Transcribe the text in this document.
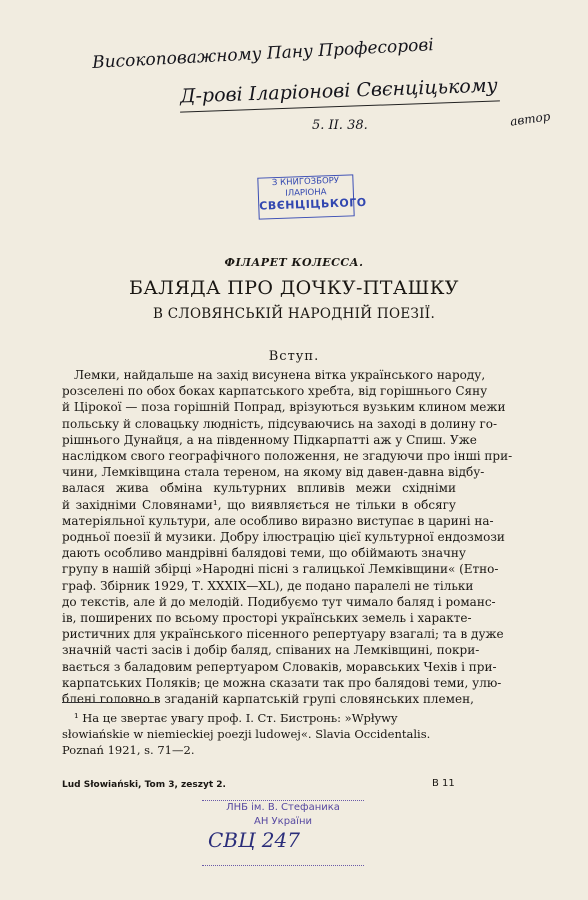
Високоповажному Пану Професорові
Д-рові Іларіонові Свєнціцькому
5. II. 38.	автор
З КНИГОЗБОРУ
ІЛАРІОНА
СВЄНЦІЦЬКОГО
ФІЛАРЕТ КОЛЕССА.
БАЛЯДА ПРО ДОЧКУ-ПТАШКУ
В СЛОВЯНСЬКІЙ НАРОДНІЙ ПОЕЗІЇ.
Вступ.
Лемки, найдальше на захід висунена вітка українського народу,
розселені по обох боках карпатського хребта, від горішнього Сяну
й Цірокої — поза горішній Попрад, врізуються вузьким клином межи
польську й словацьку людність, підсуваючись на заході в долину го-
рішнього Дунайця, а на південному Підкарпатті аж у Спиш. Уже
наслідком свого географічного положення, не згадуючи про інші при-
чини, Лемківщина стала тереном, на якому від давен-давна відбу-
валася жива обміна культурних впливів межи східніми
й західніми Словянами¹, що виявляється не тільки в обсягу
матеріяльної культури, але особливо виразно виступає в царині на-
родньої поезії й музики. Добру ілюстрацію цієї культурної ендозмози
дають особливо мандрівні балядові теми, що обіймають значну
групу в нашій збірці »Народні пісні з галицької Лемківщини« (Етно-
граф. Збірник 1929, Т. XXXIX—XL), де подано паралелі не тільки
до текстів, але й до мелодій. Подибуємо тут чимало баляд і романс-
ів, поширених по всьому просторі українських земель і характе-
ристичних для українського пісенного репертуару взагалі; та в дуже
значній часті засів і добір баляд, співаних на Лемківщині, покри-
вається з баладовим репертуаром Словаків, моравських Чехів і при-
карпатських Поляків; це можна сказати так про балядові теми, улю-
блені головно в згаданій карпатській групі словянських племен,
¹ На це звертає увагу проф. І. Ст. Бистронь: »Wpływy
słowiańskie w niemieckiej poezji ludowej«. Slavia Occidentalis.
Poznań 1921, s. 71—2.
Lud Słowiański, Tom 3, zeszyt 2.	B 11
ЛНБ ім. В. Стефаника
АН України
СВЦ 247
